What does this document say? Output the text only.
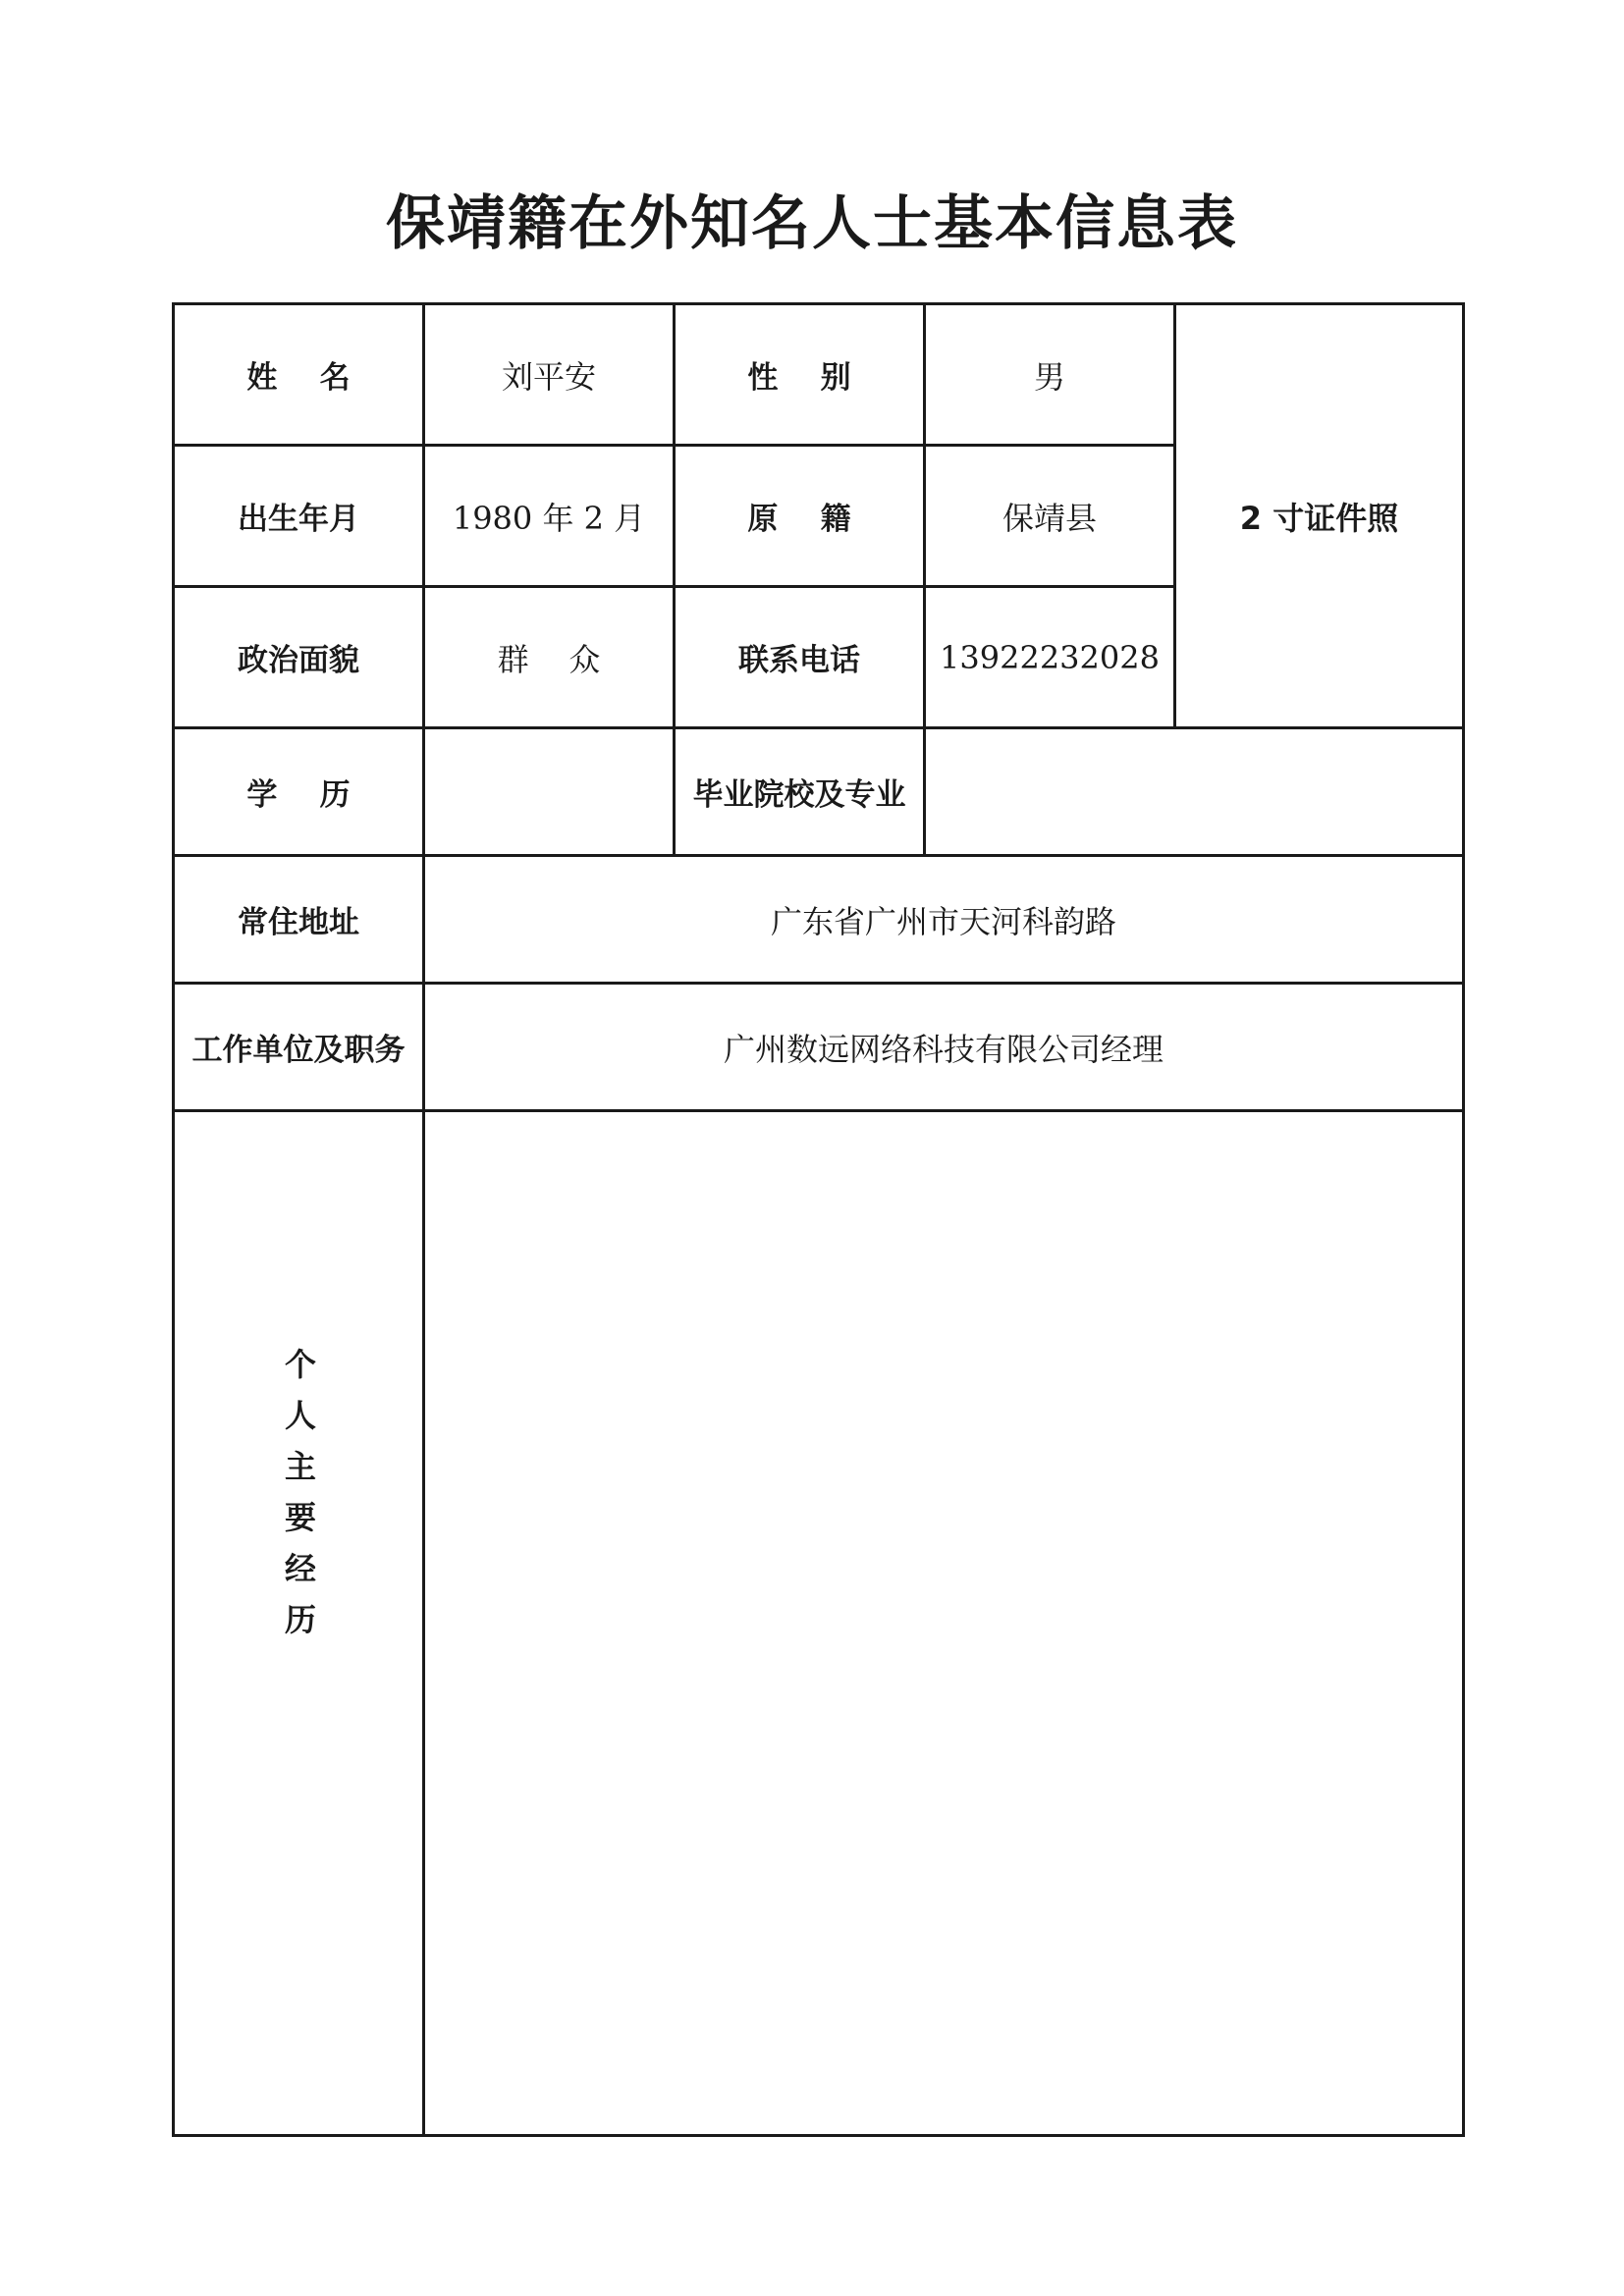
保靖籍在外知名人士基本信息表
姓    名	刘平安	性    别	男	2 寸证件照
出生年月	1980 年 2 月	原    籍	保靖县	
政治面貌	群    众	联系电话	13922232028	
学    历		毕业院校及专业		
常住地址	广东省广州市天河科韵路			
工作单位及职务	广州数远网络科技有限公司经理			
个人主要经历				
